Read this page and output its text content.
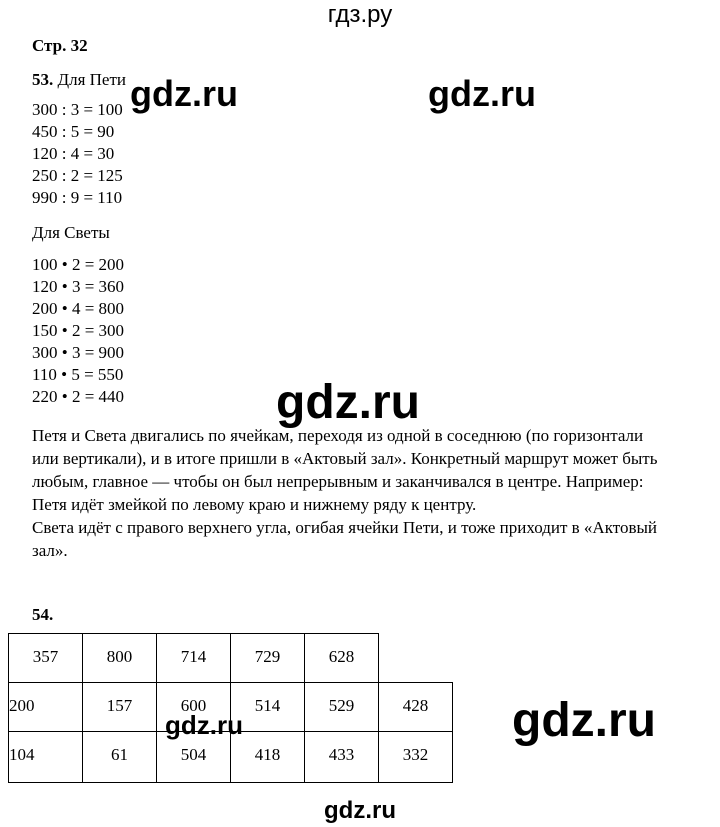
гдз.ру
Стр. 32
53. Для Пети
300 : 3 = 100
450 : 5 = 90
120 : 4 = 30
250 : 2 = 125
990 : 9 = 110
Для Светы
100 • 2 = 200
120 • 3 = 360
200 • 4 = 800
150 • 2 = 300
300 • 3 = 900
110 • 5 = 550
220 • 2 = 440
Петя и Света двигались по ячейкам, переходя из одной в соседнюю (по горизонтали
или вертикали), и в итоге пришли в «Актовый зал». Конкретный маршрут может быть
любым, главное — чтобы он был непрерывным и заканчивался в центре. Например:
Петя идёт змейкой по левому краю и нижнему ряду к центру.
Света идёт с правого верхнего угла, огибая ячейки Пети, и тоже приходит в «Актовый
зал».
54.
357	800	714	729	628
200	157	600	514	529	428
104	61	504	418	433	332
gdz.ru	gdz.ru
gdz.ru
gdz.ru	gdz.ru
gdz.ru
